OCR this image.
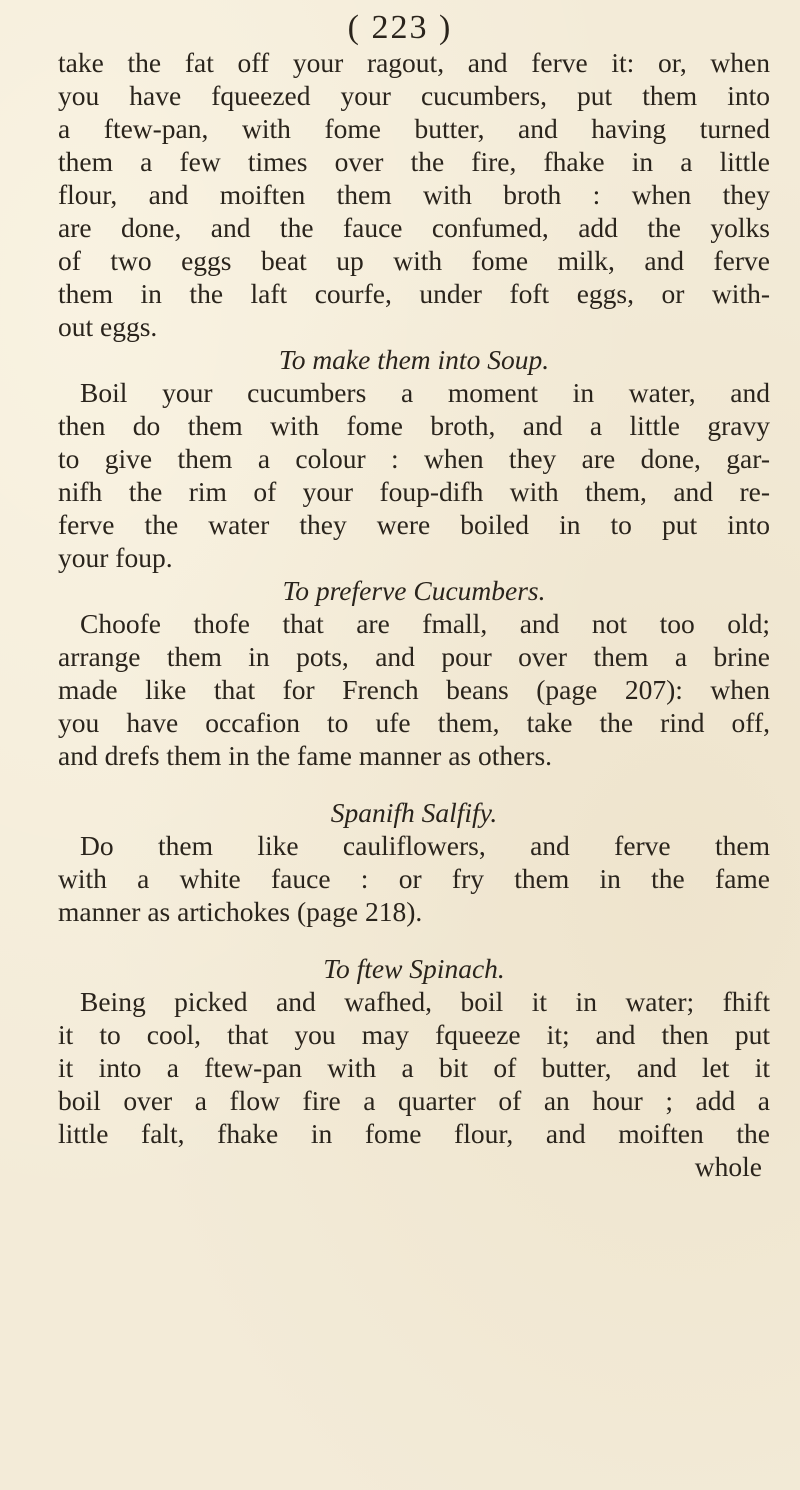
( 223 )
take the fat off your ragout, and ferve it: or, when
you have fqueezed your cucumbers, put them into
a ftew-pan, with fome butter, and having turned
them a few times over the fire, fhake in a little
flour, and moiften them with broth : when they
are done, and the fauce confumed, add the yolks
of two eggs beat up with fome milk, and ferve
them in the laft courfe, under foft eggs, or with-
out eggs.
To make them into Soup.
Boil your cucumbers a moment in water, and
then do them with fome broth, and a little gravy
to give them a colour : when they are done, gar-
nifh the rim of your foup-difh with them, and re-
ferve the water they were boiled in to put into
your foup.
To preferve Cucumbers.
Choofe thofe that are fmall, and not too old;
arrange them in pots, and pour over them a brine
made like that for French beans (page 207): when
you have occafion to ufe them, take the rind off,
and drefs them in the fame manner as others.
Spanifh Salfify.
Do them like cauliflowers, and ferve them
with a white fauce : or fry them in the fame
manner as artichokes (page 218).
To ftew Spinach.
Being picked and wafhed, boil it in water; fhift
it to cool, that you may fqueeze it; and then put
it into a ftew-pan with a bit of butter, and let it
boil over a flow fire a quarter of an hour ; add a
little falt, fhake in fome flour, and moiften the
whole
